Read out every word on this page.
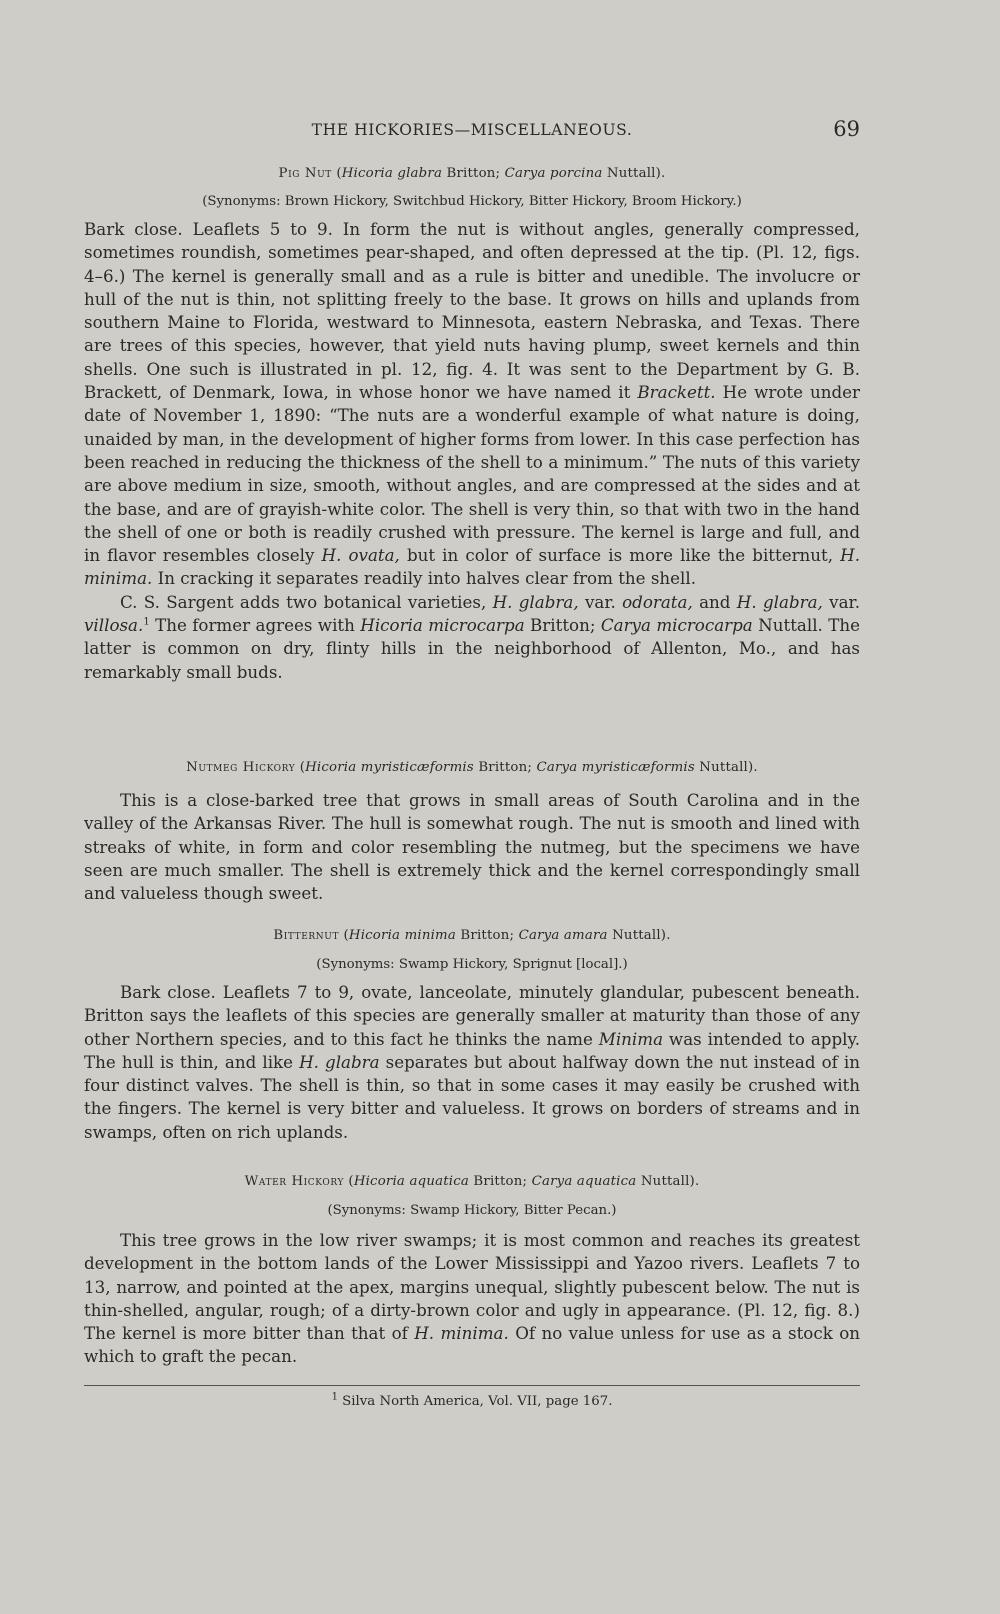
THE HICKORIES—MISCELLANEOUS.	69

Pig Nut (Hicoria glabra Britton; Carya porcina Nuttall).

(Synonyms: Brown Hickory, Switchbud Hickory, Bitter Hickory, Broom Hickory.)

Bark close. Leaflets 5 to 9. In form the nut is without angles, generally compressed, sometimes roundish, sometimes pear-shaped, and often depressed at the tip. (Pl. 12, figs. 4–6.) The kernel is generally small and as a rule is bitter and unedible. The involucre or hull of the nut is thin, not splitting freely to the base. It grows on hills and uplands from southern Maine to Florida, westward to Minnesota, eastern Nebraska, and Texas. There are trees of this species, however, that yield nuts having plump, sweet kernels and thin shells. One such is illustrated in pl. 12, fig. 4. It was sent to the Department by G. B. Brackett, of Denmark, Iowa, in whose honor we have named it Brackett. He wrote under date of November 1, 1890: “The nuts are a wonderful example of what nature is doing, unaided by man, in the development of higher forms from lower. In this case perfection has been reached in reducing the thickness of the shell to a minimum.” The nuts of this variety are above medium in size, smooth, without angles, and are compressed at the sides and at the base, and are of grayish-white color. The shell is very thin, so that with two in the hand the shell of one or both is readily crushed with pressure. The kernel is large and full, and in flavor resembles closely H. ovata, but in color of surface is more like the bitternut, H. minima. In cracking it separates readily into halves clear from the shell.

C. S. Sargent adds two botanical varieties, H. glabra, var. odorata, and H. glabra, var. villosa.$^1$ The former agrees with Hicoria microcarpa Britton; Carya microcarpa Nuttall. The latter is common on dry, flinty hills in the neighborhood of Allenton, Mo., and has remarkably small buds.

Nutmeg Hickory (Hicoria myristicæformis Britton; Carya myristicæformis Nuttall).

This is a close-barked tree that grows in small areas of South Carolina and in the valley of the Arkansas River. The hull is somewhat rough. The nut is smooth and lined with streaks of white, in form and color resembling the nutmeg, but the specimens we have seen are much smaller. The shell is extremely thick and the kernel correspondingly small and valueless though sweet.

Bitternut (Hicoria minima Britton; Carya amara Nuttall).

(Synonyms: Swamp Hickory, Sprignut [local].)

Bark close. Leaflets 7 to 9, ovate, lanceolate, minutely glandular, pubescent beneath. Britton says the leaflets of this species are generally smaller at maturity than those of any other Northern species, and to this fact he thinks the name Minima was intended to apply. The hull is thin, and like H. glabra separates but about halfway down the nut instead of in four distinct valves. The shell is thin, so that in some cases it may easily be crushed with the fingers. The kernel is very bitter and valueless. It grows on borders of streams and in swamps, often on rich uplands.

Water Hickory (Hicoria aquatica Britton; Carya aquatica Nuttall).

(Synonyms: Swamp Hickory, Bitter Pecan.)

This tree grows in the low river swamps; it is most common and reaches its greatest development in the bottom lands of the Lower Mississippi and Yazoo rivers. Leaflets 7 to 13, narrow, and pointed at the apex, margins unequal, slightly pubescent below. The nut is thin-shelled, angular, rough; of a dirty-brown color and ugly in appearance. (Pl. 12, fig. 8.) The kernel is more bitter than that of H. minima. Of no value unless for use as a stock on which to graft the pecan.

$^1$ Silva North America, Vol. VII, page 167.
